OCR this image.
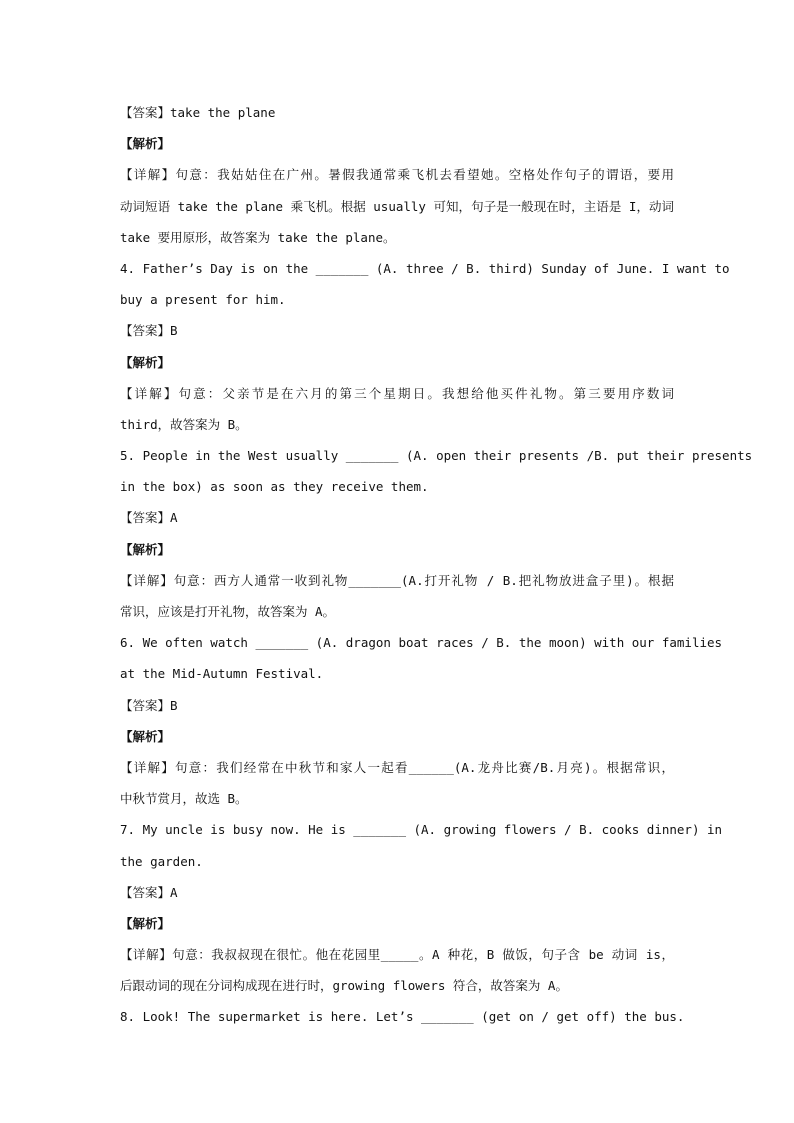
【答案】take the plane
【解析】
【详解】句意：我姑姑住在广州。暑假我通常乘飞机去看望她。空格处作句子的谓语，要用
动词短语 take the plane 乘飞机。根据 usually 可知，句子是一般现在时，主语是 I，动词
take 要用原形，故答案为 take the plane。
4. Father’s Day is on the _______ (A. three / B. third) Sunday of June. I want to
buy a present for him.
【答案】B
【解析】
【详解】句意：父亲节是在六月的第三个星期日。我想给他买件礼物。第三要用序数词
third，故答案为 B。
5. People in the West usually _______ (A. open their presents /B. put their presents
in the box) as soon as they receive them.
【答案】A
【解析】
【详解】句意：西方人通常一收到礼物_______(A.打开礼物 / B.把礼物放进盒子里)。根据
常识，应该是打开礼物，故答案为 A。
6. We often watch _______ (A. dragon boat races / B. the moon) with our families
at the Mid-Autumn Festival.
【答案】B
【解析】
【详解】句意：我们经常在中秋节和家人一起看______(A.龙舟比赛/B.月亮)。根据常识，
中秋节赏月，故选 B。
7. My uncle is busy now. He is _______ (A. growing flowers / B. cooks dinner) in
the garden.
【答案】A
【解析】
【详解】句意：我叔叔现在很忙。他在花园里_____。A 种花，B 做饭，句子含 be 动词 is，
后跟动词的现在分词构成现在进行时，growing flowers 符合，故答案为 A。
8. Look! The supermarket is here. Let’s _______ (get on / get off) the bus.
